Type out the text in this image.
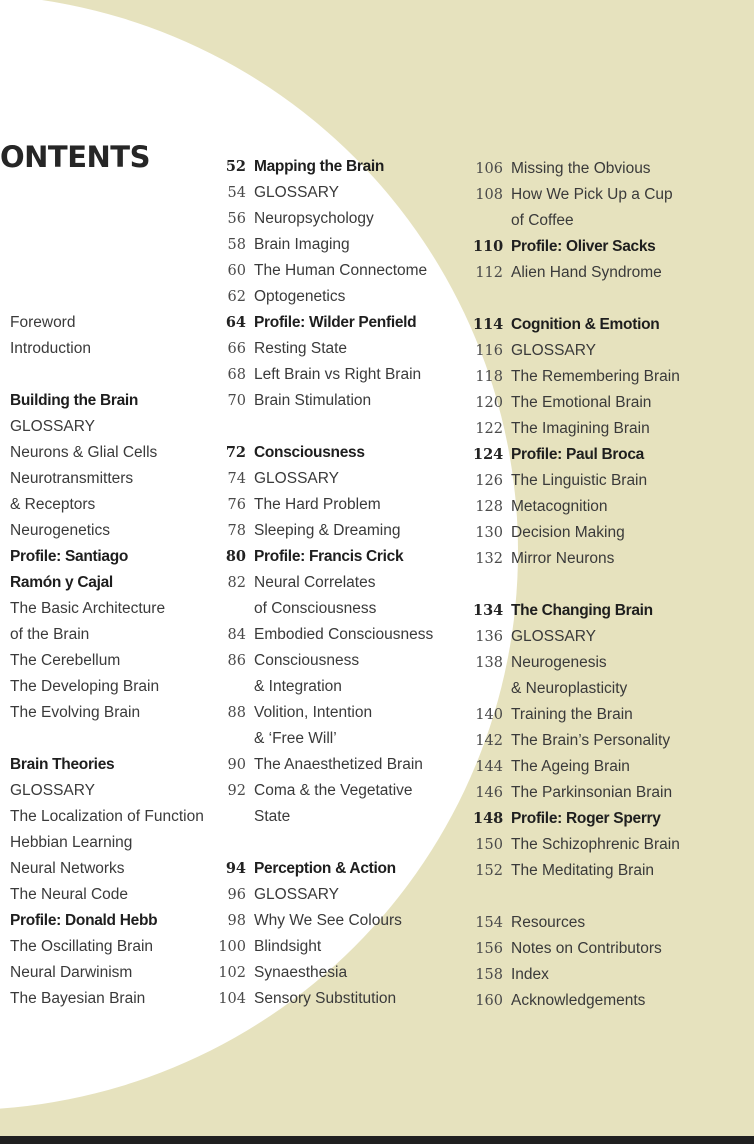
ONTENTS
Foreword
Introduction
Building the Brain
GLOSSARY
Neurons & Glial Cells
Neurotransmitters
& Receptors
Neurogenetics
Profile: Santiago
Ramón y Cajal
The Basic Architecture
of the Brain
The Cerebellum
The Developing Brain
The Evolving Brain
Brain Theories
GLOSSARY
The Localization of Function
Hebbian Learning
Neural Networks
The Neural Code
Profile: Donald Hebb
The Oscillating Brain
Neural Darwinism
The Bayesian Brain
52 Mapping the Brain
54 GLOSSARY
56 Neuropsychology
58 Brain Imaging
60 The Human Connectome
62 Optogenetics
64 Profile: Wilder Penfield
66 Resting State
68 Left Brain vs Right Brain
70 Brain Stimulation
72 Consciousness
74 GLOSSARY
76 The Hard Problem
78 Sleeping & Dreaming
80 Profile: Francis Crick
82 Neural Correlates
of Consciousness
84 Embodied Consciousness
86 Consciousness
& Integration
88 Volition, Intention
& ‘Free Will’
90 The Anaesthetized Brain
92 Coma & the Vegetative
State
94 Perception & Action
96 GLOSSARY
98 Why We See Colours
100 Blindsight
102 Synaesthesia
104 Sensory Substitution
106 Missing the Obvious
108 How We Pick Up a Cup
of Coffee
110 Profile: Oliver Sacks
112 Alien Hand Syndrome
114 Cognition & Emotion
116 GLOSSARY
118 The Remembering Brain
120 The Emotional Brain
122 The Imagining Brain
124 Profile: Paul Broca
126 The Linguistic Brain
128 Metacognition
130 Decision Making
132 Mirror Neurons
134 The Changing Brain
136 GLOSSARY
138 Neurogenesis
& Neuroplasticity
140 Training the Brain
142 The Brain’s Personality
144 The Ageing Brain
146 The Parkinsonian Brain
148 Profile: Roger Sperry
150 The Schizophrenic Brain
152 The Meditating Brain
154 Resources
156 Notes on Contributors
158 Index
160 Acknowledgements
